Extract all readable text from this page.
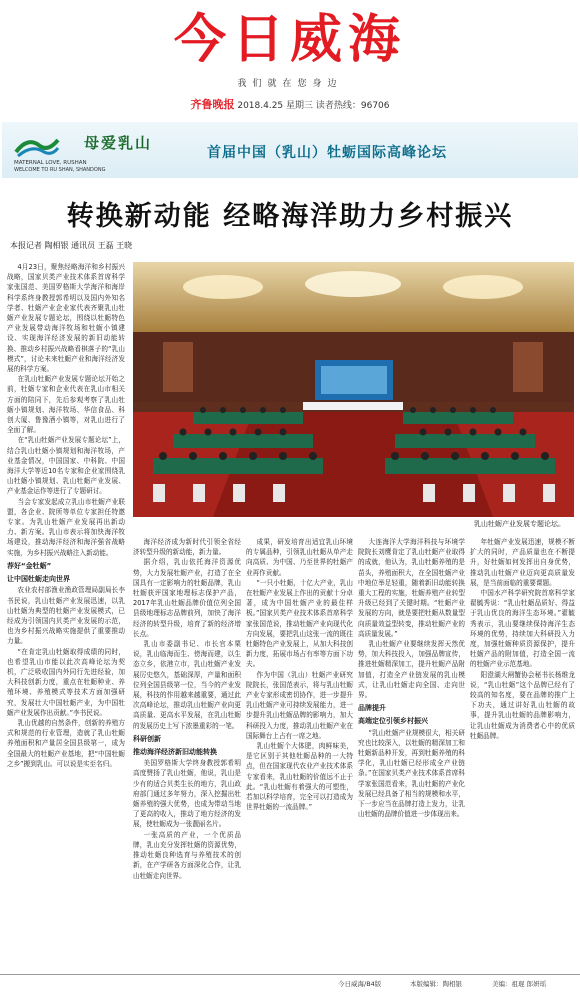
今日威海
我们就在您身边
齐鲁晚报 2018.4.25 星期三 读者热线：96706
母爱乳山
MATERNAL LOVE, RUSHAN
WELCOME TO RU SHAN, SHANDONG
首届中国（乳山）牡蛎国际高峰论坛
转换新动能 经略海洋助力乡村振兴
本报记者 陶相银 通讯员 王磊 王晓
乳山牡蛎产业发展专题论坛。

4月23日，聚焦经略海洋和乡村振兴战略，国家贝类产业技术体系首席科学家张国范、美国罗格斯大学海洋和海岸科学系终身教授郭希明以及国内外知名学者、牡蛎产业企业家代表齐聚乳山牡蛎产业发展专题论坛，围绕以牡蛎特色产业发展带动海洋牧场和牡蛎小镇建设、实现海洋经济发展的新旧动能转换、推动乡村振兴战略看棋落子的“乳山模式”，讨论未来牡蛎产业和海洋经济发展的科学方案。

在乳山牡蛎产业发展专题论坛开始之前，牡蛎专家和企业代表在乳山市相关方面的陪同下，先后参观考察了乳山牡蛎小镇规划、海洋牧场、华信食品、科创大厦、鲁豫酒小镇等，对乳山进行了全面了解。

在“乳山牡蛎产业发展专题论坛”上，结合乳山牡蛎小镇规划和海洋牧场，产业基金情况，中国国家、中科院、中国海洋大学等近10名专家和企业家围绕乳山牡蛎小镇规划、乳山牡蛎产业发展、产业基金运作等进行了专题研讨。

当会专家发起成立乳山市牡蛎产业联盟，各企业、院所等单位专家担任特邀专家。为乳山牡蛎产业发展再出新动力、新方案。乳山市表示将加快海洋牧场建设，推动海洋经济和海洋强省战略实施，为乡村振兴战略注入新动能。

荐好“金牡蛎”

让中国牡蛎走向世界

农业农村部渔业渔政管理局副局长李书民说，乳山牡蛎产业发展迅速，以乳山牡蛎为典型的牡蛎产业发展模式，已经成为引领国内贝类产业发展的示范，也为乡村振兴战略实施提供了重要推动力量。

“在肯定乳山牡蛎取得成绩的同时，也希望乳山市能以此次高峰论坛为契机，广泛吸收国内外同行先进经验，加大科技创新力度，重点在牡蛎种业、养殖环境、养殖模式等技术方面加强研究，发展壮大中国牡蛎产业，为中国牡蛎产业发展作出贡献。”李书民说。

乳山优越的自然条件，创新的养殖方式和规范的行业管理，造就了乳山牡蛎养殖面积和产量居全国县级第一，成为全国最大的牡蛎产业基地，把“中国牡蛎之乡”搬到乳山。可以说是实至名归。

海洋经济成为新时代引领全省经济转型升级的新动能，新力量。

据介绍，乳山依托海洋资源优势，大力发展牡蛎产业，打造了在全国具有一定影响力的牡蛎品牌，乳山牡蛎获评国家地理标志保护产品，2017年乳山牡蛎品牌价值位列全国县级地理标志品牌前列，加快了海洋经济的转型升级，培育了新的经济增长点。

乳山市委副书记、市长官本栗说，乳山临海而生、傍海而建，以生态立乡，依港立市，乳山牡蛎产业发展厉史悠久，基础深厚，产量和面积位列全国县级第一位，当今的产业发展，科技的作用越来越重要，通过此次高峰论坛，推动乳山牡蛎产业向更高质量、更高水平发展，在乳山牡蛎的发展历史上写下浓墨重彩的一笔。

科研创新

推动海洋经济新旧动能转换

美国罗格斯大学终身教授郭希明高度赞扬了乳山牡蛎，他说，乳山是少有的适合贝类生长的地方，乳山政府部门通过多年努力，深入挖掘出牡蛎养殖的强大优势，也成为带动当地了更高的收入，推动了地方经济的发展，使牡蛎成为一张靓丽名片。

一张高质的产业，一个优质品牌，乳山充分发挥牡蛎的资源优势，推动牡蛎良种选育与养殖技术的创新，在产学研各方面深化合作，让乳山牡蛎走向世界。

成果，研发培育出适宜乳山环境的专属品种，引领乳山牡蛎从单产走向高质、为中国、乃至世界的牡蛎产业再作贡献。

“一只小牡蛎，十亿大产业，乳山在牡蛎产业发展上作出的贡献十分卓著，成为中国牡蛎产业的最佳样板。”国家贝类产业技术体系首席科学家张国范说，推动牡蛎产业向现代化方向发展，要把乳山这张一流的既往牡蛎特色产业发展上，从加大科技创新力度，拓展市场占有率等方面下功夫。

作为中国（乳山）牡蛎产业研究院院长，张国范表示，将与乳山牡蛎产业专家形成密切协作，进一步提升乳山牡蛎产业可持续发展能力，进一步提升乳山牡蛎品牌的影响力，加大科研投入力度，推动乳山牡蛎产业在国际舞台上占有一席之地。

乳山牡蛎个大体肥，肉鲜味美，是它区别于其他牡蛎品种的一大特点，但在国家现代农业产业技术体系专家看来，乳山牡蛎的价值远不止于此。“乳山牡蛎有着强大的可塑性，若加以科学培育，完全可以打造成为世界牡蛎的一流品牌。”

大连海洋大学海洋科技与环境学院院长刘鹰肯定了乳山牡蛎产业取得的成就，他认为，乳山牡蛎养殖的是苗头，养殖面积大，在全国牡蛎产业中地位举足轻重，随着新旧动能转换重大工程的实施，牡蛎养殖产业转型升级已经到了关键时期。“牡蛎产业发展的方向，就是要把牡蛎从数量型向质量效益型转变，推动牡蛎产业的高质量发展。”

乳山牡蛎产业要继续发挥天然优势，加大科技投入，加强品牌宣传，推进牡蛎精深加工，提升牡蛎产品附加值，打造全产业链发展的乳山模式，让乳山牡蛎走向全国、走向世界。

品牌提升

高端定位引领乡村振兴

“乳山牡蛎产业规模很大，相关研究也比较深入，以牡蛎的精深加工和牡蛎新品种开发，再到牡蛎养殖的科学化，乳山牡蛎已经形成全产业链条。”在国家贝类产业技术体系首席科学家张国范看来，乳山牡蛎的产业化发展已经具备了相当的规模和水平，下一步应当在品牌打造上发力，让乳山牡蛎的品牌价值进一步体现出来。

年牡蛎产业发展迅速，规模不断扩大的同时，产品质量也在不断提升，好牡蛎如何发挥出自身优势，推动乳山牡蛎产业迈向更高质量发展，是当前面临的重要课题。

中国水产科学研究院首席科学家翟毓秀说：“乳山牡蛎品质好、得益于乳山优良的海洋生态环境。”翟毓秀表示，乳山要继续保持海洋生态环境的优势，持续加大科研投入力度，加强牡蛎种质资源保护，提升牡蛎产品的附加值，打造全国一流的牡蛎产业示范基地。

阳澄湖大闸蟹协会秘书长杨维龙说，“乳山牡蛎”这个品牌已经有了较高的知名度，要在品牌的推广上下功夫，通过讲好乳山牡蛎的故事，提升乳山牡蛎的品牌影响力，让乳山牡蛎成为消费者心中的优质牡蛎品牌。

今日威海/B4版	本版编辑：陶相银	美编：祖琨 郎妍瑶
